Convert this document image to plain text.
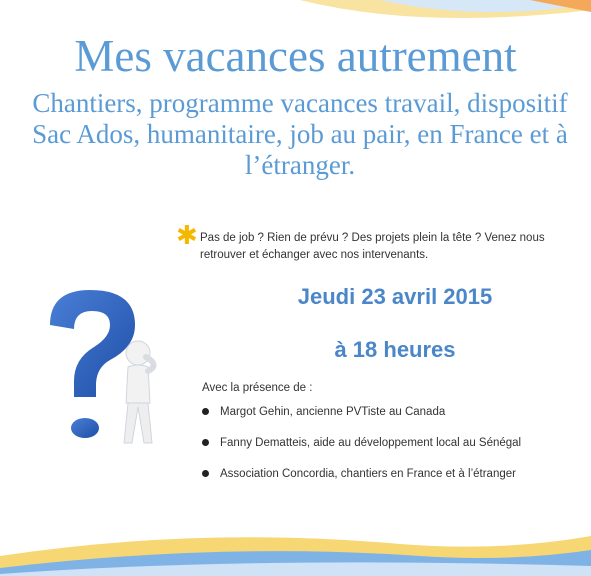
Mes vacances autrement

Chantiers, programme vacances travail, dispositif Sac Ados, humanitaire, job au pair, en France et à l’étranger.

✱ Pas de job ? Rien de prévu ? Des projets plein la tête ? Venez nous retrouver et échanger avec nos intervenants.
Jeudi 23 avril 2015
à 18 heures
Avec la présence de :
Margot Gehin, ancienne PVTiste au Canada
Fanny Dematteis, aide au développement local au Sénégal
Association Concordia, chantiers en France et à l’étranger
